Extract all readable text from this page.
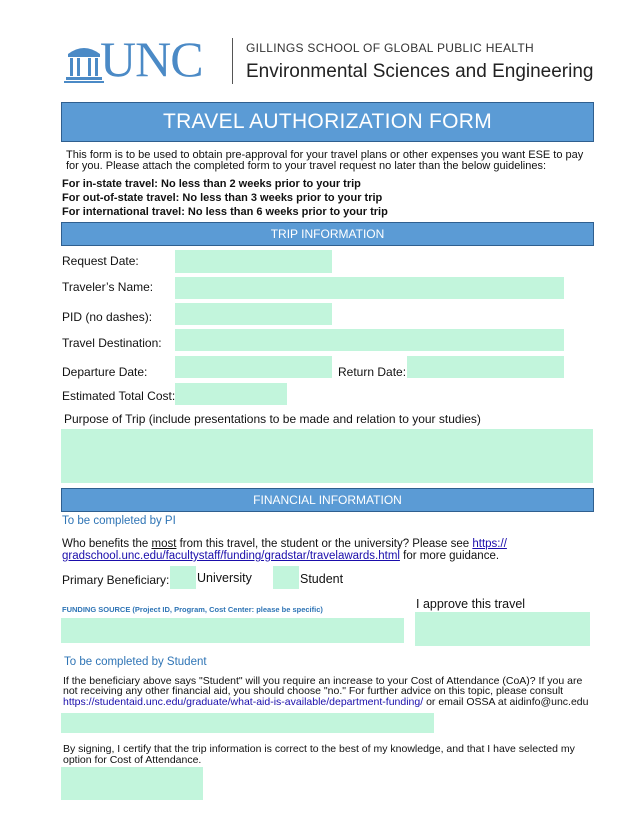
UNC	GILLINGS SCHOOL OF GLOBAL PUBLIC HEALTH
Environmental Sciences and Engineering
TRAVEL AUTHORIZATION FORM
This form is to be used to obtain pre-approval for your travel plans or other expenses you want ESE to pay
for you. Please attach the completed form to your travel request no later than the below guidelines:
For in-state travel: No less than 2 weeks prior to your trip
For out-of-state travel: No less than 3 weeks prior to your trip
For international travel: No less than 6 weeks prior to your trip
TRIP INFORMATION
Request Date:
Traveler’s Name:
PID (no dashes):
Travel Destination:
Departure Date:	Return Date:
Estimated Total Cost:
Purpose of Trip (include presentations to be made and relation to your studies)
FINANCIAL INFORMATION
To be completed by PI
Who benefits the most from this travel, the student or the university? Please see https://
gradschool.unc.edu/facultystaff/funding/gradstar/travelawards.html for more guidance.
Primary Beneficiary: University	Student
FUNDING SOURCE (Project ID, Program, Cost Center: please be specific)	I approve this travel
To be completed by Student
If the beneficiary above says "Student" will you require an increase to your Cost of Attendance (CoA)? If you are
not receiving any other financial aid, you should choose "no." For further advice on this topic, please consult
https://studentaid.unc.edu/graduate/what-aid-is-available/department-funding/ or email OSSA at aidinfo@unc.edu
By signing, I certify that the trip information is correct to the best of my knowledge, and that I have selected my
option for Cost of Attendance.
